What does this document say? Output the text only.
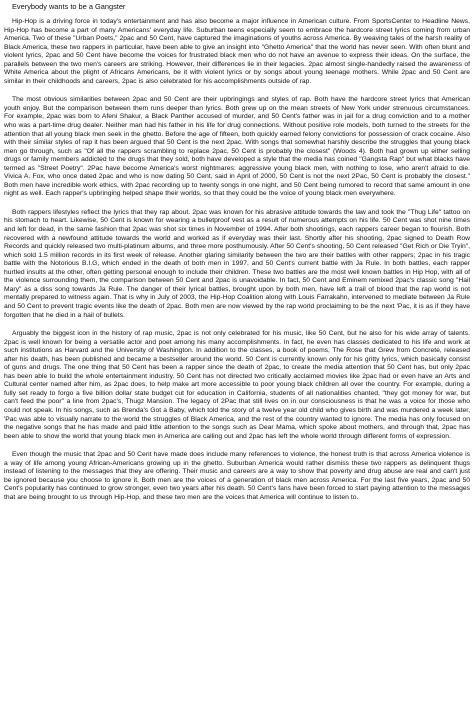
Everybody wants to be a Gangster

Hip-Hop is a driving force in today's entertainment and has also become a major influence in American culture. From SportsCenter to Headline News, Hip-Hop has become a part of many Americans' everyday life. Suburban teens especially seem to embrace the hardcore street lyrics coming from urban America. Two of these "Urban Poets," 2pac and 50 Cent, have captured the imaginations of youths across America. By weaving tales of the harsh reality of Black America, these two rappers in particular, have been able to give an insight into "Ghetto America" that the world has never seen. With often blunt and violent lyrics, 2pac and 50 Cent have become the voices for frustrated black men who do not have an avenue to express their ideas. On the surface, the parallels between the two men's careers are striking. However, their differences lie in their legacies. 2pac almost single-handedly raised the awareness of White America about the plight of Africans Americans, be it with violent lyrics or by songs about young teenage mothers. While 2pac and 50 Cent are similar in their childhoods and careers, 2pac is also celebrated for his accomplishments outside of rap.

The most obvious similarities between 2pac and 50 Cent are their upbringings and styles of rap. Both have the hardcore street lyrics that American youth enjoy. But the comparison between them runs deeper than lyrics. Both grew up on the mean streets of New York under strenuous circumstances. For example, 2pac was born to Afeni Shakur, a Black Panther accused of murder, and 50 Cent's father was in jail for a drug conviction and to a mother who was a part-time drug dealer. Neither man had his father in his life for drug connections. Without positive role models, both turned to the streets for the attention that all young black men seek in the ghetto. Before the age of fifteen, both quickly earned felony convictions for possession of crack cocaine. Also with their similar styles of rap it has been argued that 50 Cent is the next 2pac. With songs that somewhat harshly describe the struggles that young black men go through, such as "Of all the rappers scrambling to replace 2pac, 50 Cent is probably the closest" (Woods 4). Both had grown up either selling drugs or family members addicted to the drugs that they sold, both have developed a style that the media has coined "Gangsta Rap" but what blacks have termed as "Street Poetry". 2Pac have become America's worst nightmares: aggressive young black men, with nothing to lose, who aren't afraid to die. Vivica A. Fox, who once dated 2pac and who is now dating 50 Cent, said in April of 2000, 50 Cent is not the next 2Pac, 50 Cent is probably the closest." Both men have incredible work ethics, with 2pac recording up to twenty songs in one night, and 50 Cent being rumored to record that same amount in one night as well. Each rapper's upbringing helped shape their worlds, so that they could be the voice of young black men everywhere.

Both rappers lifestyles reflect the lyrics that they rap about. 2pac was known for his abrasive attitude towards the law and took the "Thug Life" tattoo on his stomach to heart. Likewise, 50 Cent is known for wearing a bulletproof vest as a result of numerous attempts on his life. 50 Cent was shot nine times and left for dead, in the same fashion that 2pac was shot six times in November of 1994. After both shootings, each rappers career began to flourish. Both recovered with a newfound attitude towards the world and worked as if everyday was their last. Shortly after his shooting, 2pac signed to Death Row Records and quickly released two multi-platinum albums, and three more posthumously. After 50 Cent's shooting, 50 Cent released "Get Rich or Die Tryin", which sold 1.5 million records in its first week of release. Another glaring similarity between the two are their battles with other rappers; 2pac in his tragic battle with the Notorious B.I.G, which ended in the death of both men in 1997, and 50 Cent's current battle with Ja Rule. In both battles, each rapper hurtled insults at the other, often getting personal enough to include their children. These two battles are the most well known battles in Hip Hop, with all of the violence surrounding them, the comparison between 50 Cent and 2pac is unavoidable. In fact, 50 Cent and Eminem remixed 2pac's classic song "Hail Mary" as a diss song towards Ja Rule. The danger of their lyrical battles, brought upon by both men, have left a trail of blood that the rap world is not mentally prepared to witness again. That is why in July of 2003, the Hip-Hop Coalition along with Louis Farrakahn, intervened to mediate between Ja Rule and 50 Cent to prevent tragic events like the death of 2pac. Both men are now viewed by the rap world proclaiming to be the next 'Pac, it is as if they have forgotten that he died in a hail of bullets.

Arguably the biggest icon in the history of rap music, 2pac is not only celebrated for his music, like 50 Cent, but he also for his wide array of talents. 2pac is well known for being a versatile actor and poet among his many accomplishments. In fact, he even has classes dedicated to his life and work at such institutions as Harvard and the University of Washington. In addition to the classes, a book of poems, The Rose that Grew from Concrete, released after his death, has been published and became a bestseller around the world. 50 Cent is currently known only for his gritty lyrics, which basically consist of guns and drugs. The one thing that 50 Cent has been a rapper since the death of 2pac, to create the media attention that 50 Cent has, but only 2pac has been able to build the whole entertainment industry. 50 Cent has not directed two critically acclaimed movies like 2pac had or even have an Arts and Cultural center named after him, as 2pac does, to help make art more accessible to poor young black children all over the country. For example, during a fully set ready to forgo a five billion dollar state budget cut for education in California, students of all nationalities chanted, "they got money for war, but can't feed the poor" a line from 2pac's, Thugz Mansion. The legacy of 2Pac that still lives on in our consciousness is that he was a voice for those who could not speak. In his songs, such as Brenda's Got a Baby, which told the story of a twelve year old child who gives birth and was murdered a week later, 'Pac was able to visually narrate to the world the struggles of Black America, and the rest of the country wanted to ignore. The media has only focused on the negative songs that he has made and paid little attention to the songs such as Dear Mama, which spoke about mothers, and through that, 2pac has been able to show the world that young black men in America are calling out and 2pac has left the whole world through different forms of expression.

Even though the music that 2pac and 50 Cent have made does include many references to violence, the honest truth is that across America violence is a way of life among young African-Americans growing up in the ghetto. Suburban America would rather dismiss these two rappers as delinquent thugs instead of listening to the messages that they are offering. Their music and careers are a way to show that poverty and drug abuse are real and can't just be ignored because you choose to ignore it. Both men are the voices of a generation of black men across America. For the last five years, 2pac and 50 Cent's popularity has continued to grow stronger, even two years after his death. 50 Cent's fans have been forced to start paying attention to the messages that are being brought to us through Hip-Hop, and these two men are the voices that America will continue to listen to.
